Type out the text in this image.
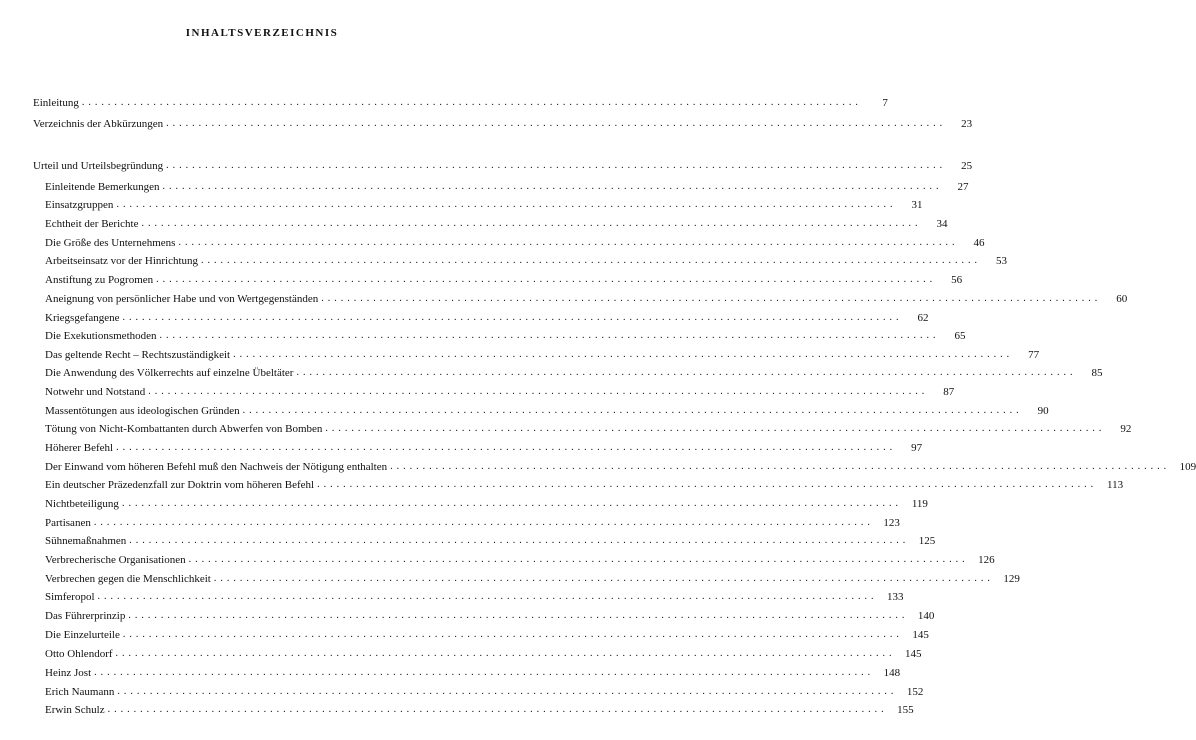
INHALTSVERZEICHNIS
Einleitung ........................................................................................................................	7
Verzeichnis der Abkürzungen ........................................................................................................................	23
Urteil und Urteilsbegründung ........................................................................................................................	25
Einleitende Bemerkungen ........................................................................................................................	27
Einsatzgruppen ........................................................................................................................	31
Echtheit der Berichte ........................................................................................................................	34
Die Größe des Unternehmens ........................................................................................................................	46
Arbeitseinsatz vor der Hinrichtung ........................................................................................................................	53
Anstiftung zu Pogromen ........................................................................................................................	56
Aneignung von persönlicher Habe und von Wertgegenständen ........................................................................................................................	60
Kriegsgefangene ........................................................................................................................	62
Die Exekutionsmethoden ........................................................................................................................	65
Das geltende Recht – Rechtszuständigkeit ........................................................................................................................	77
Die Anwendung des Völkerrechts auf einzelne Übeltäter ........................................................................................................................	85
Notwehr und Notstand ........................................................................................................................	87
Massentötungen aus ideologischen Gründen ........................................................................................................................	90
Tötung von Nicht-Kombattanten durch Abwerfen von Bomben ........................................................................................................................	92
Höherer Befehl ........................................................................................................................	97
Der Einwand vom höheren Befehl muß den Nachweis der Nötigung enthalten ........................................................................................................................ 109
Ein deutscher Präzedenzfall zur Doktrin vom höheren Befehl ........................................................................................................................ 113
Nichtbeteiligung ........................................................................................................................ 119
Partisanen ........................................................................................................................ 123
Sühnemaßnahmen ........................................................................................................................ 125
Verbrecherische Organisationen ........................................................................................................................ 126
Verbrechen gegen die Menschlichkeit ........................................................................................................................ 129
Simferopol ........................................................................................................................ 133
Das Führerprinzip ........................................................................................................................ 140
Die Einzelurteile ........................................................................................................................ 145
Otto Ohlendorf ........................................................................................................................ 145
Heinz Jost ........................................................................................................................ 148
Erich Naumann ........................................................................................................................ 152
Erwin Schulz ........................................................................................................................ 155
